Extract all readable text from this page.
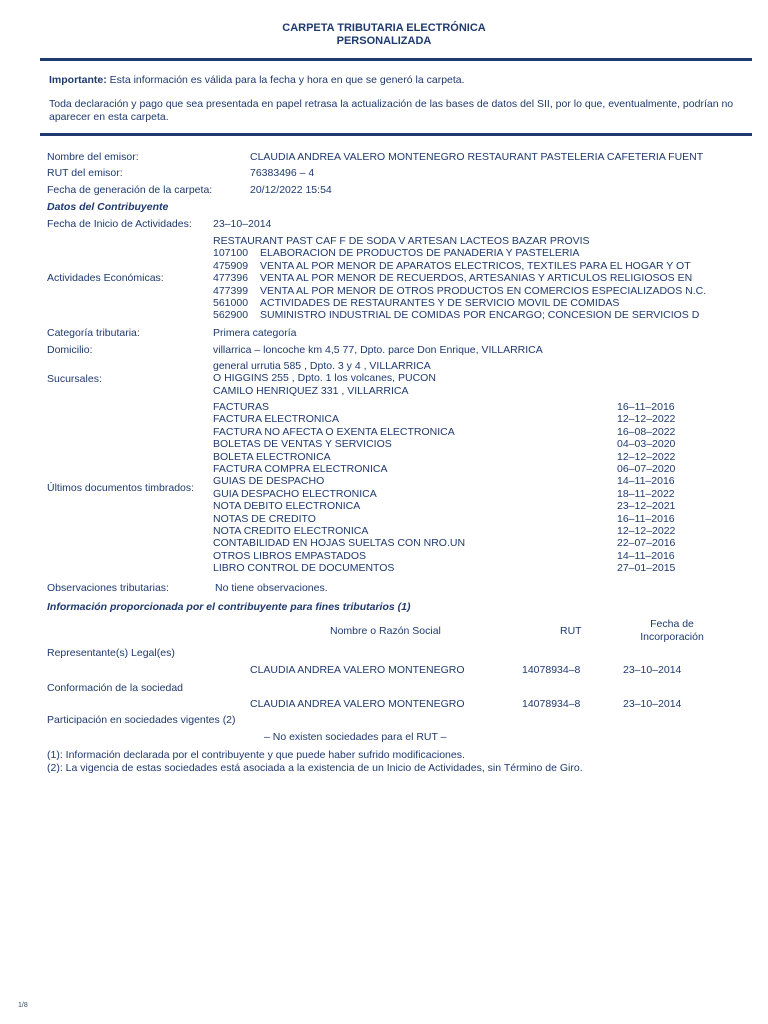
CARPETA TRIBUTARIA ELECTRÓNICA
PERSONALIZADA
Importante: Esta información es válida para la fecha y hora en que se generó la carpeta.
Toda declaración y pago que sea presentada en papel retrasa la actualización de las bases de datos del SII, por lo que, eventualmente, podrían no
aparecer en esta carpeta.
Nombre del emisor:	CLAUDIA ANDREA VALERO MONTENEGRO RESTAURANT PASTELERIA CAFETERIA FUENT
RUT del emisor:	76383496 – 4
Fecha de generación de la carpeta:	20/12/2022 15:54
Datos del Contribuyente
Fecha de Inicio de Actividades: 23–10–2014
Actividades Económicas:
RESTAURANT PAST CAF F DE SODA V ARTESAN LACTEOS BAZAR PROVIS
107100 ELABORACION DE PRODUCTOS DE PANADERIA Y PASTELERIA
475909 VENTA AL POR MENOR DE APARATOS ELECTRICOS, TEXTILES PARA EL HOGAR Y OT
477396 VENTA AL POR MENOR DE RECUERDOS, ARTESANIAS Y ARTICULOS RELIGIOSOS EN
477399 VENTA AL POR MENOR DE OTROS PRODUCTOS EN COMERCIOS ESPECIALIZADOS N.C.
561000 ACTIVIDADES DE RESTAURANTES Y DE SERVICIO MOVIL DE COMIDAS
562900 SUMINISTRO INDUSTRIAL DE COMIDAS POR ENCARGO; CONCESION DE SERVICIOS D
Categoría tributaria:	Primera categoría
Domicilio:	villarrica – loncoche km 4,5 77, Dpto. parce Don Enrique, VILLARRICA
Sucursales:
general urrutia 585 , Dpto. 3 y 4 , VILLARRICA
O HIGGINS 255 , Dpto. 1 los volcanes, PUCON
CAMILO HENRIQUEZ 331 , VILLARRICA
Últimos documentos timbrados:
FACTURAS	16–11–2016
FACTURA ELECTRONICA	12–12–2022
FACTURA NO AFECTA O EXENTA ELECTRONICA	16–08–2022
BOLETAS DE VENTAS Y SERVICIOS	04–03–2020
BOLETA ELECTRONICA	12–12–2022
FACTURA COMPRA ELECTRONICA	06–07–2020
GUIAS DE DESPACHO	14–11–2016
GUIA DESPACHO ELECTRONICA	18–11–2022
NOTA DEBITO ELECTRONICA	23–12–2021
NOTAS DE CREDITO	16–11–2016
NOTA CREDITO ELECTRONICA	12–12–2022
CONTABILIDAD EN HOJAS SUELTAS CON NRO.UN	22–07–2016
OTROS LIBROS EMPASTADOS	14–11–2016
LIBRO CONTROL DE DOCUMENTOS	27–01–2015
Observaciones tributarias:	No tiene observaciones.
Información proporcionada por el contribuyente para fines tributarios (1)
Nombre o Razón Social	RUT
Fecha de
Incorporación
Representante(s) Legal(es)
CLAUDIA ANDREA VALERO MONTENEGRO	14078934–8	23–10–2014
Conformación de la sociedad
CLAUDIA ANDREA VALERO MONTENEGRO	14078934–8	23–10–2014
Participación en sociedades vigentes (2)
– No existen sociedades para el RUT –
(1): Información declarada por el contribuyente y que puede haber sufrido modificaciones.
(2): La vigencia de estas sociedades está asociada a la existencia de un Inicio de Actividades, sin Término de Giro.
1/8
